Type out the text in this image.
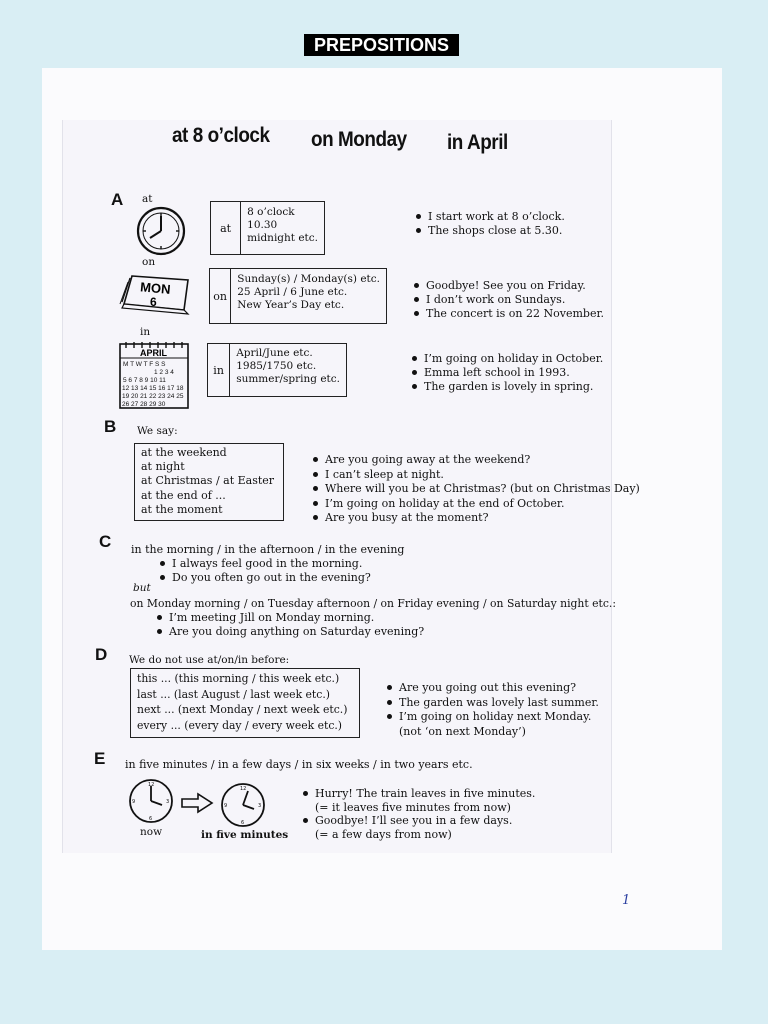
PREPOSITIONS
at 8 o’clock on Monday in April
A at
on
MON
6
in
APRIL
M T W T F S S
1 2 3 4
5 6 7 8 9 10 11
12 13 14 15 16 17 18
19 20 21 22 23 24 25
26 27 28 29 30
at
8 o’clock
10.30
midnight etc.
on
Sunday(s) / Monday(s) etc.
25 April / 6 June etc.
New Year’s Day etc.
in
April/June etc.
1985/1750 etc.
summer/spring etc.
I start work at 8 o’clock.
The shops close at 5.30.
Goodbye! See you on Friday.
I don’t work on Sundays.
The concert is on 22 November.
I’m going on holiday in October.
Emma left school in 1993.
The garden is lovely in spring.
B We say:
at the weekend
at night
at Christmas / at Easter
at the end of ...
at the moment
Are you going away at the weekend?
I can’t sleep at night.
Where will you be at Christmas? (but on Christmas Day)
I’m going on holiday at the end of October.
Are you busy at the moment?
C in the morning / in the afternoon / in the evening
I always feel good in the morning.
Do you often go out in the evening?
but
on Monday morning / on Tuesday afternoon / on Friday evening / on Saturday night etc.:
I’m meeting Jill on Monday morning.
Are you doing anything on Saturday evening?
D We do not use at/on/in before:
this ... (this morning / this week etc.)
last ... (last August / last week etc.)
next ... (next Monday / next week etc.)
every ... (every day / every week etc.)
Are you going out this evening?
The garden was lovely last summer.
I’m going on holiday next Monday.
(not ‘on next Monday’)
E in five minutes / in a few days / in six weeks / in two years etc.
12
3
6
9
now
12
3
6
9
in five minutes
Hurry! The train leaves in five minutes.
(= it leaves five minutes from now)
Goodbye! I’ll see you in a few days.
(= a few days from now)
1
